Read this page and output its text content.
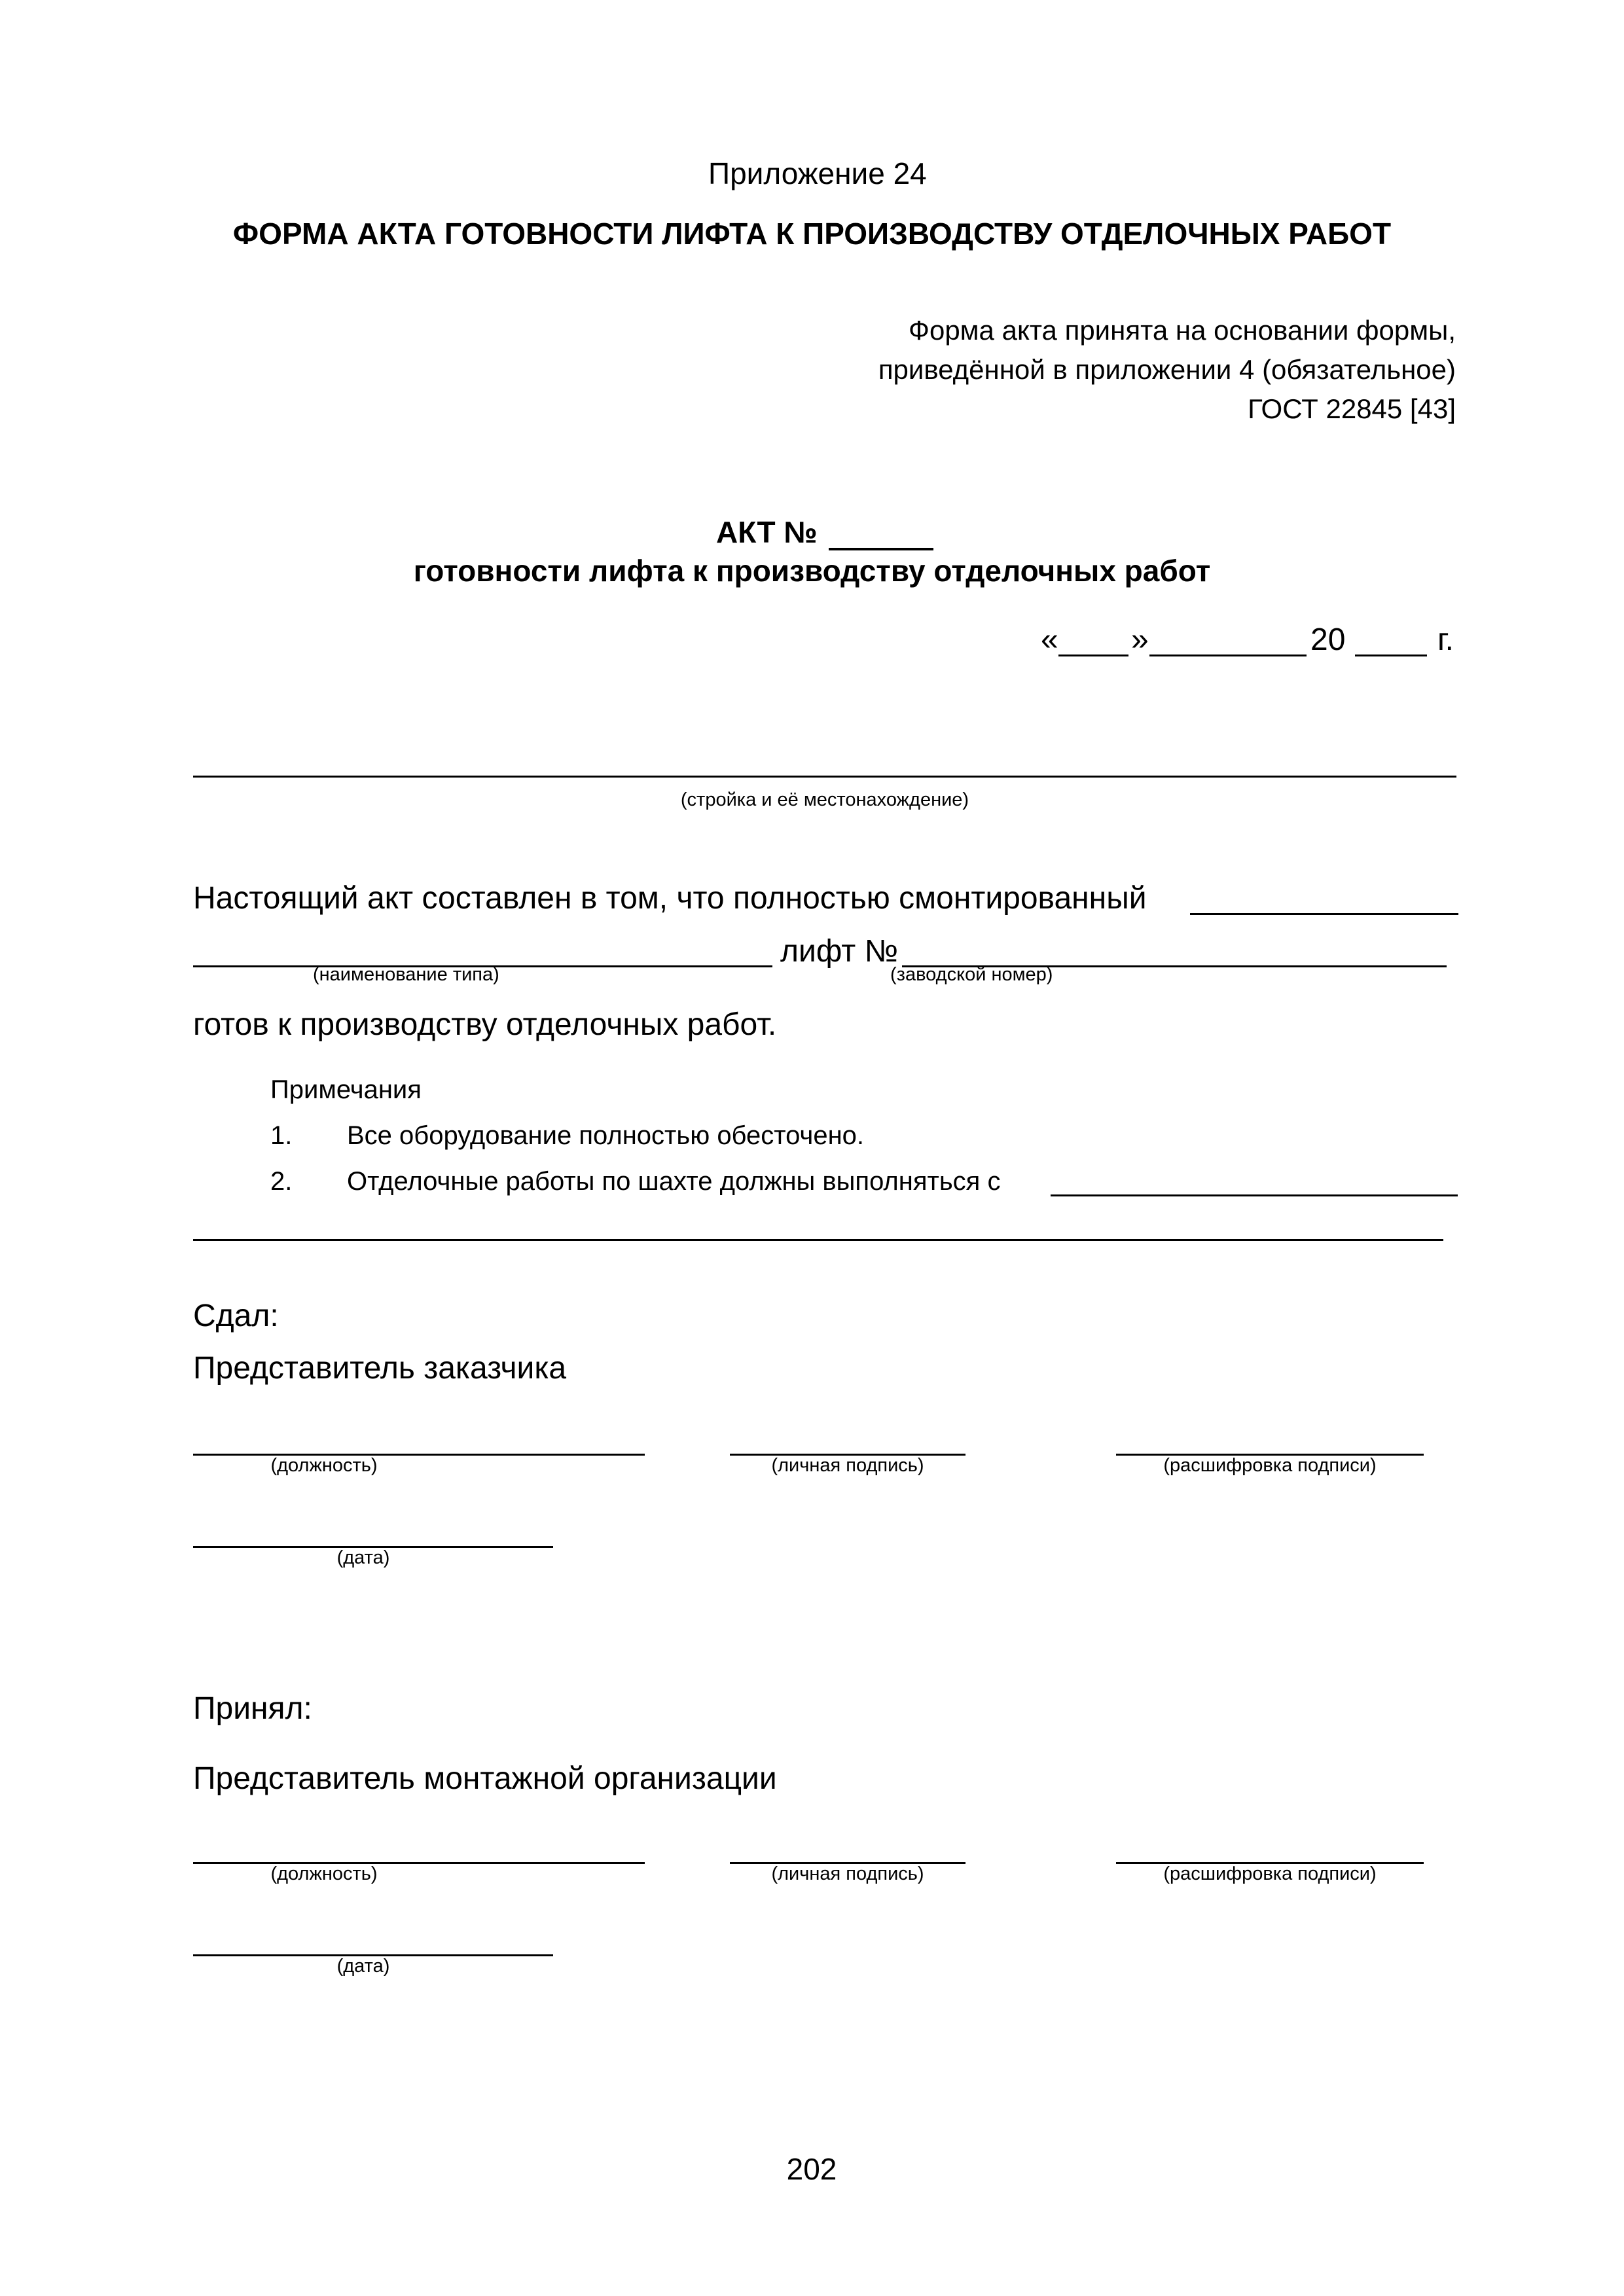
Приложение 24
ФОРМА АКТА ГОТОВНОСТИ ЛИФТА К ПРОИЗВОДСТВУ ОТДЕЛОЧНЫХ РАБОТ
Форма акта принята на основании формы,
приведённой в приложении 4 (обязательное)
ГОСТ 22845 [43]
АКТ №
готовности лифта к производству отделочных работ
« »	20	г.
(стройка и её местонахождение)
Настоящий акт составлен в том, что полностью смонтированный
лифт №
(наименование типа)	(заводской номер)
готов к производству отделочных работ.
Примечания
1. Все оборудование полностью обесточено.
2. Отделочные работы по шахте должны выполняться с
Сдал:
Представитель заказчика
(должность)	(личная подпись)	(расшифровка подписи)
(дата)
Принял:
Представитель монтажной организации
(должность)	(личная подпись)	(расшифровка подписи)
(дата)
202
